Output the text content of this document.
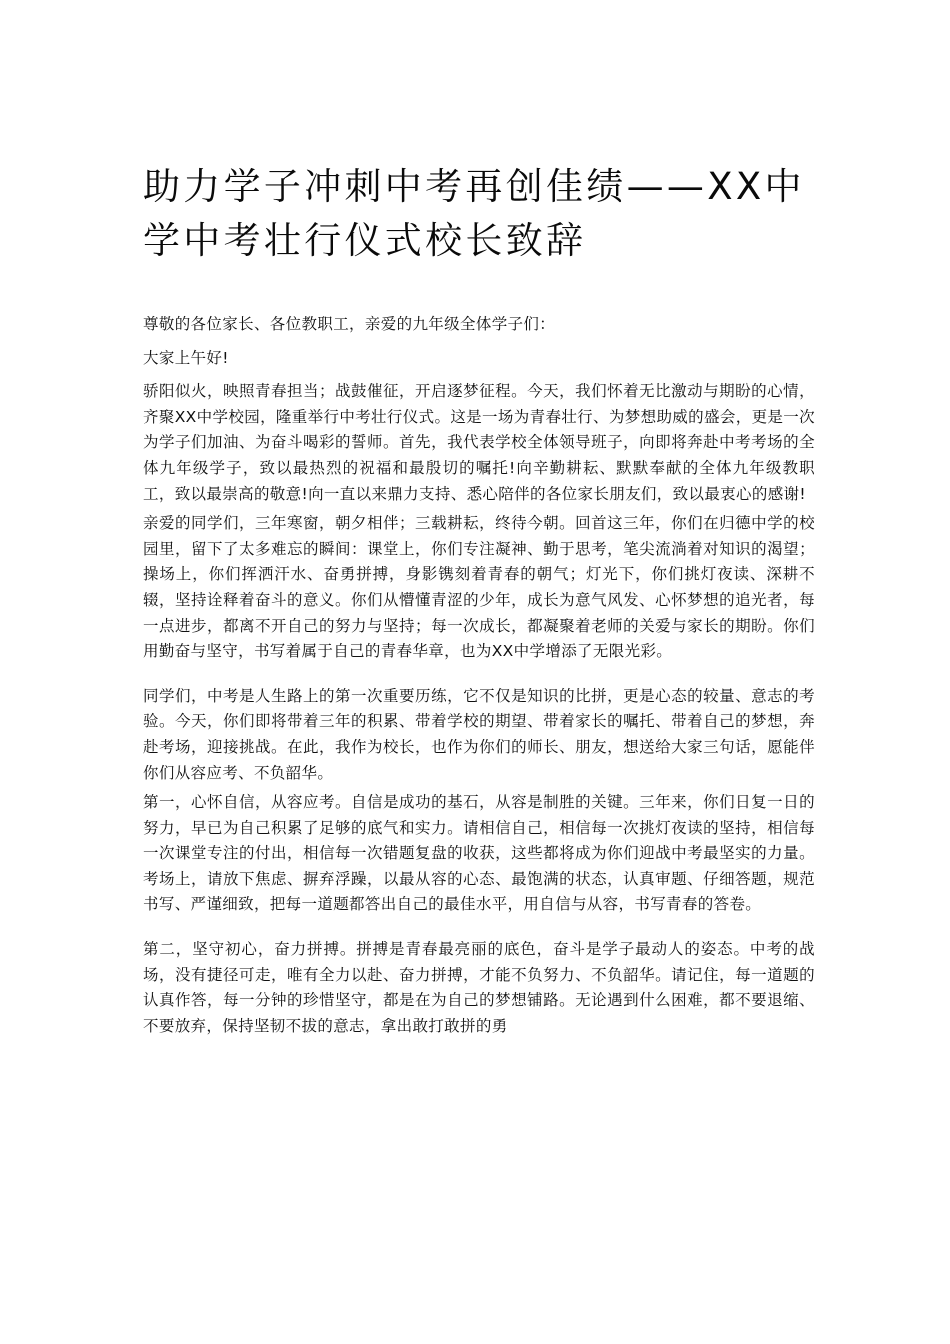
助力学子冲刺中考再创佳绩——XX中学中考壮行仪式校长致辞

尊敬的各位家长、各位教职工，亲爱的九年级全体学子们：

大家上午好!

骄阳似火，映照青春担当；战鼓催征，开启逐梦征程。今天，我们怀着无比激动与期盼的心情，齐聚XX中学校园，隆重举行中考壮行仪式。这是一场为青春壮行、为梦想助威的盛会，更是一次为学子们加油、为奋斗喝彩的誓师。首先，我代表学校全体领导班子，向即将奔赴中考考场的全体九年级学子，致以最热烈的祝福和最殷切的嘱托!向辛勤耕耘、默默奉献的全体九年级教职工，致以最崇高的敬意!向一直以来鼎力支持、悉心陪伴的各位家长朋友们，致以最衷心的感谢!

亲爱的同学们，三年寒窗，朝夕相伴；三载耕耘，终待今朝。回首这三年，你们在归德中学的校园里，留下了太多难忘的瞬间：课堂上，你们专注凝神、勤于思考，笔尖流淌着对知识的渴望；操场上，你们挥洒汗水、奋勇拼搏，身影镌刻着青春的朝气；灯光下，你们挑灯夜读、深耕不辍，坚持诠释着奋斗的意义。你们从懵懂青涩的少年，成长为意气风发、心怀梦想的追光者，每一点进步，都离不开自己的努力与坚持；每一次成长，都凝聚着老师的关爱与家长的期盼。你们用勤奋与坚守，书写着属于自己的青春华章，也为XX中学增添了无限光彩。

同学们，中考是人生路上的第一次重要历练，它不仅是知识的比拼，更是心态的较量、意志的考验。今天，你们即将带着三年的积累、带着学校的期望、带着家长的嘱托、带着自己的梦想，奔赴考场，迎接挑战。在此，我作为校长，也作为你们的师长、朋友，想送给大家三句话，愿能伴你们从容应考、不负韶华。

第一，心怀自信，从容应考。自信是成功的基石，从容是制胜的关键。三年来，你们日复一日的努力，早已为自己积累了足够的底气和实力。请相信自己，相信每一次挑灯夜读的坚持，相信每一次课堂专注的付出，相信每一次错题复盘的收获，这些都将成为你们迎战中考最坚实的力量。考场上，请放下焦虑、摒弃浮躁，以最从容的心态、最饱满的状态，认真审题、仔细答题，规范书写、严谨细致，把每一道题都答出自己的最佳水平，用自信与从容，书写青春的答卷。

第二，坚守初心，奋力拼搏。拼搏是青春最亮丽的底色，奋斗是学子最动人的姿态。中考的战场，没有捷径可走，唯有全力以赴、奋力拼搏，才能不负努力、不负韶华。请记住，每一道题的认真作答，每一分钟的珍惜坚守，都是在为自己的梦想铺路。无论遇到什么困难，都不要退缩、不要放弃，保持坚韧不拔的意志，拿出敢打敢拼的勇
